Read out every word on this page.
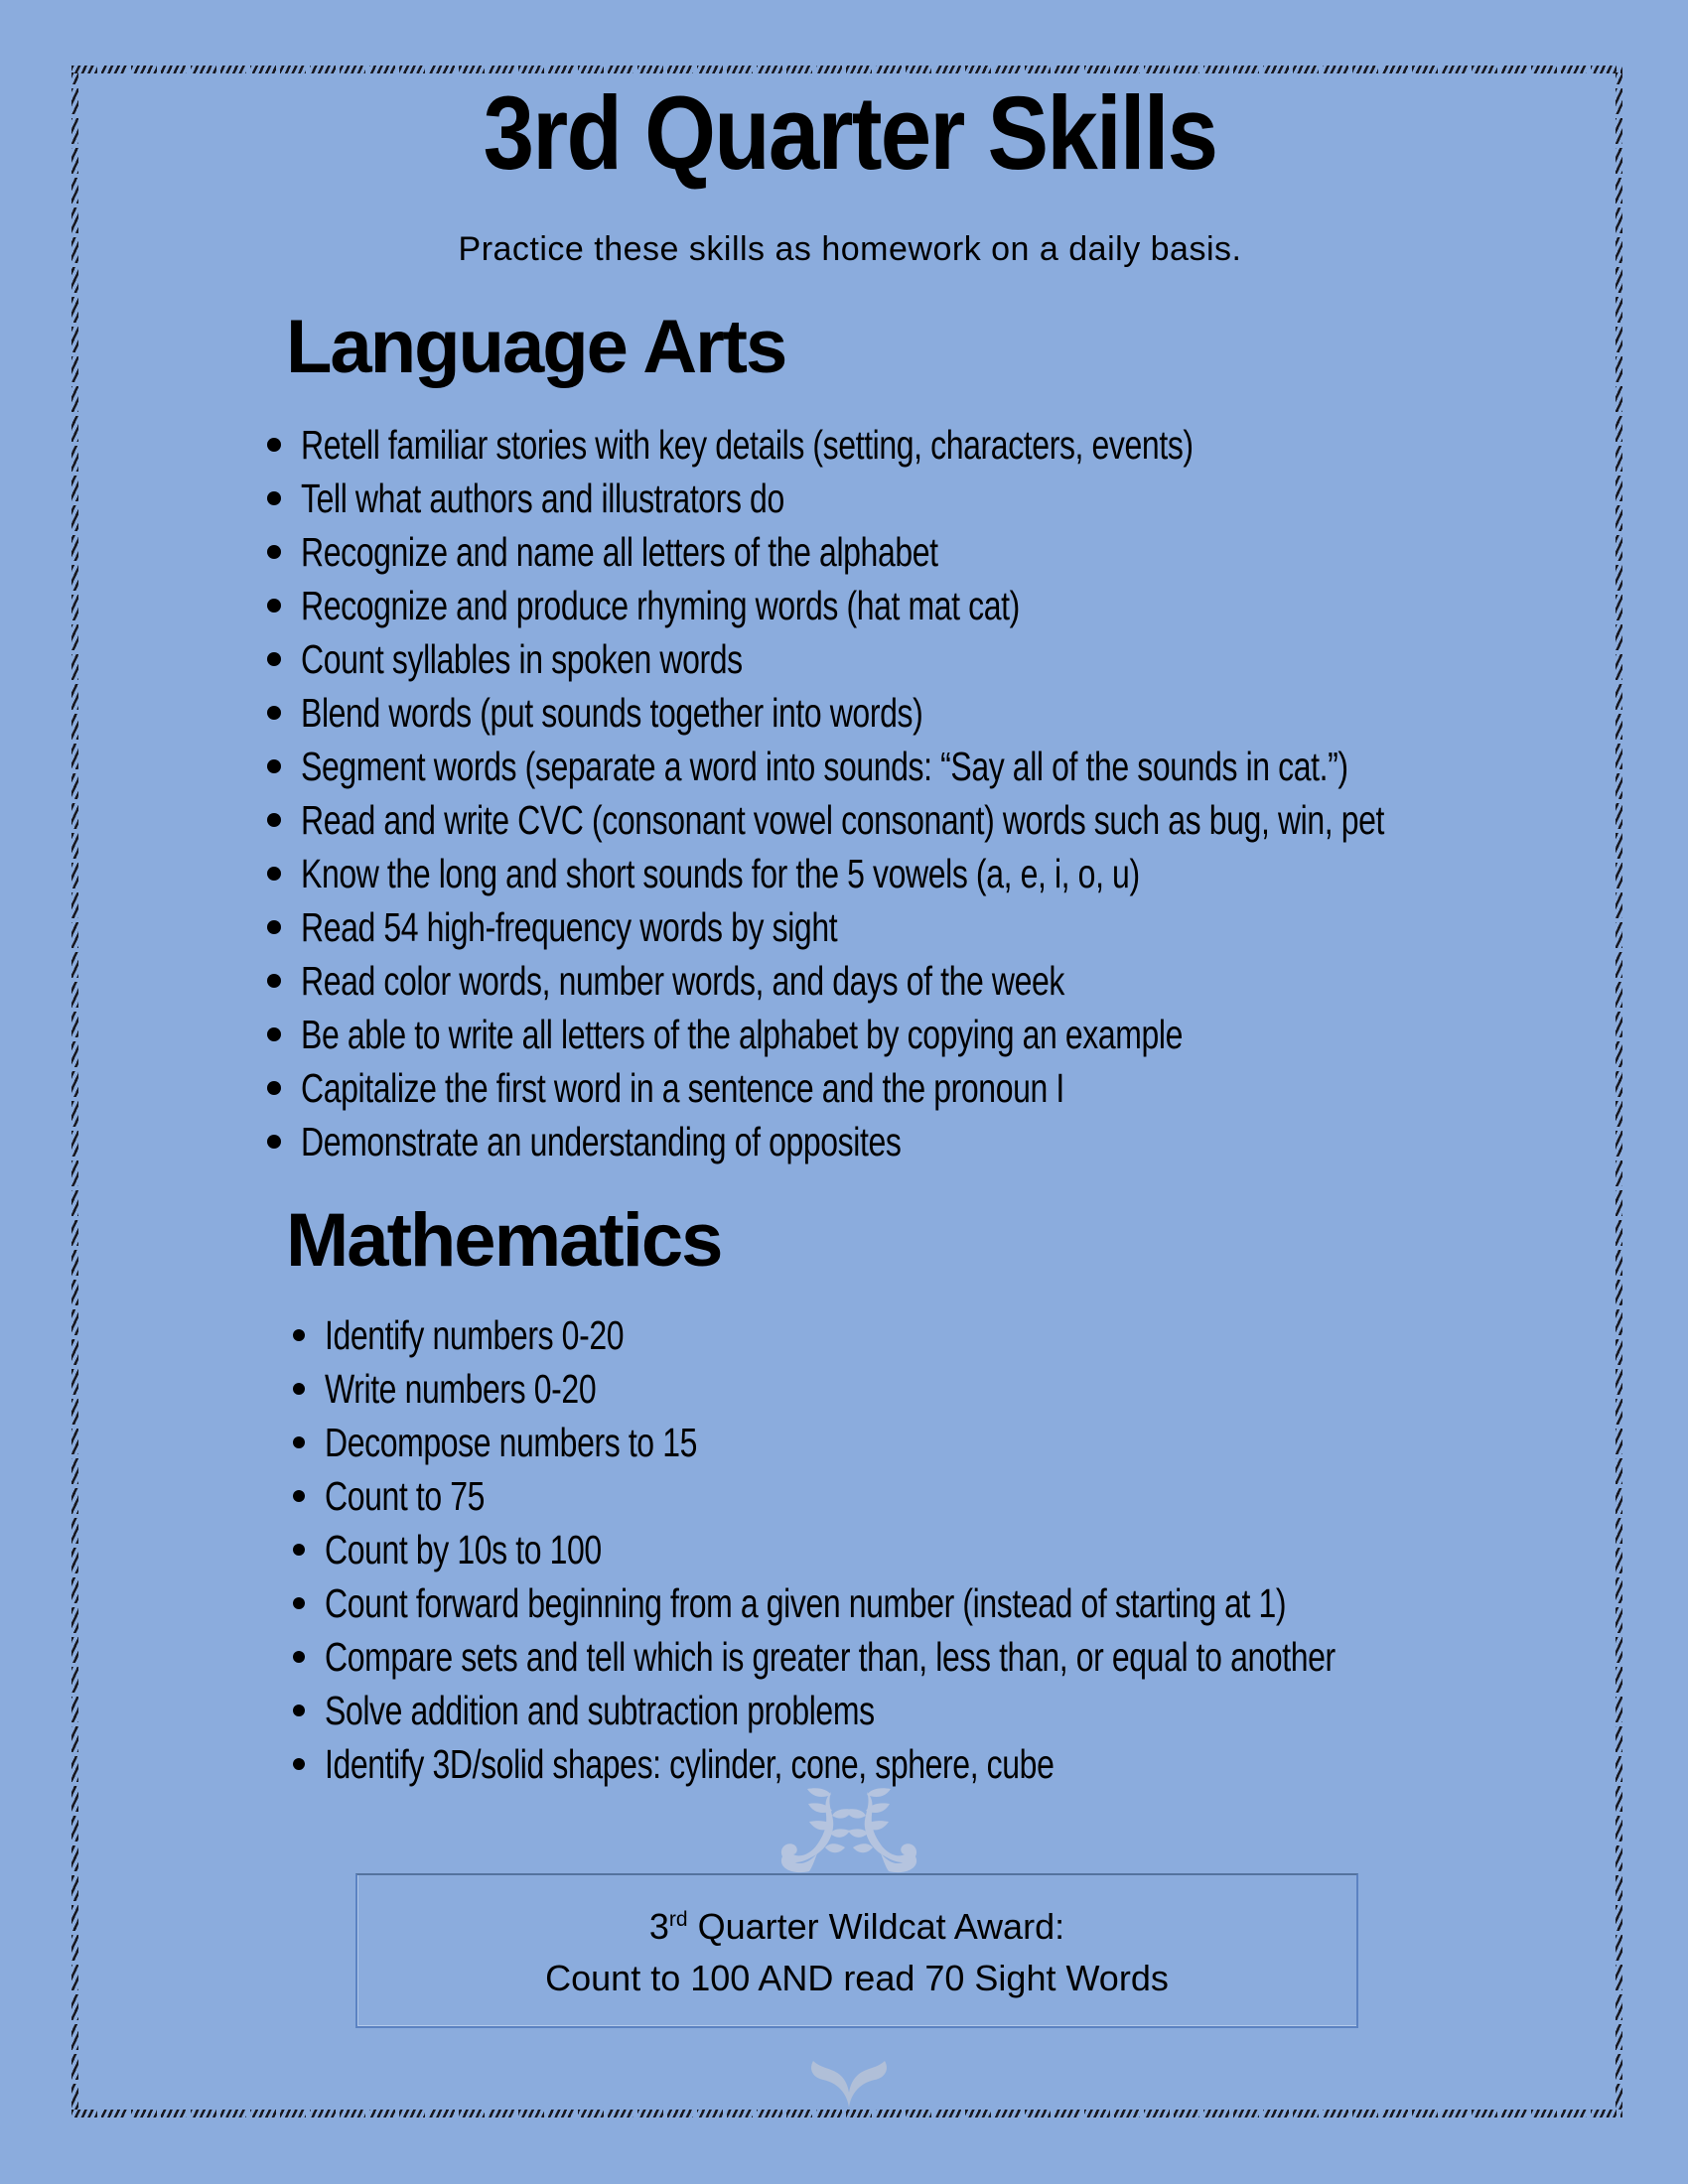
3rd Quarter Skills

Practice these skills as homework on a daily basis.

Language Arts
Retell familiar stories with key details (setting, characters, events)
Tell what authors and illustrators do
Recognize and name all letters of the alphabet
Recognize and produce rhyming words (hat mat cat)
Count syllables in spoken words
Blend words (put sounds together into words)
Segment words (separate a word into sounds: “Say all of the sounds in cat.”)
Read and write CVC (consonant vowel consonant) words such as bug, win, pet
Know the long and short sounds for the 5 vowels (a, e, i, o, u)
Read 54 high-frequency words by sight
Read color words, number words, and days of the week
Be able to write all letters of the alphabet by copying an example
Capitalize the first word in a sentence and the pronoun I
Demonstrate an understanding of opposites
Mathematics
Identify numbers 0-20
Write numbers 0-20
Decompose numbers to 15
Count to 75
Count by 10s to 100
Count forward beginning from a given number (instead of starting at 1)
Compare sets and tell which is greater than, less than, or equal to another
Solve addition and subtraction problems
Identify 3D/solid shapes: cylinder, cone, sphere, cube

3rd Quarter Wildcat Award:

Count to 100 AND read 70 Sight Words
